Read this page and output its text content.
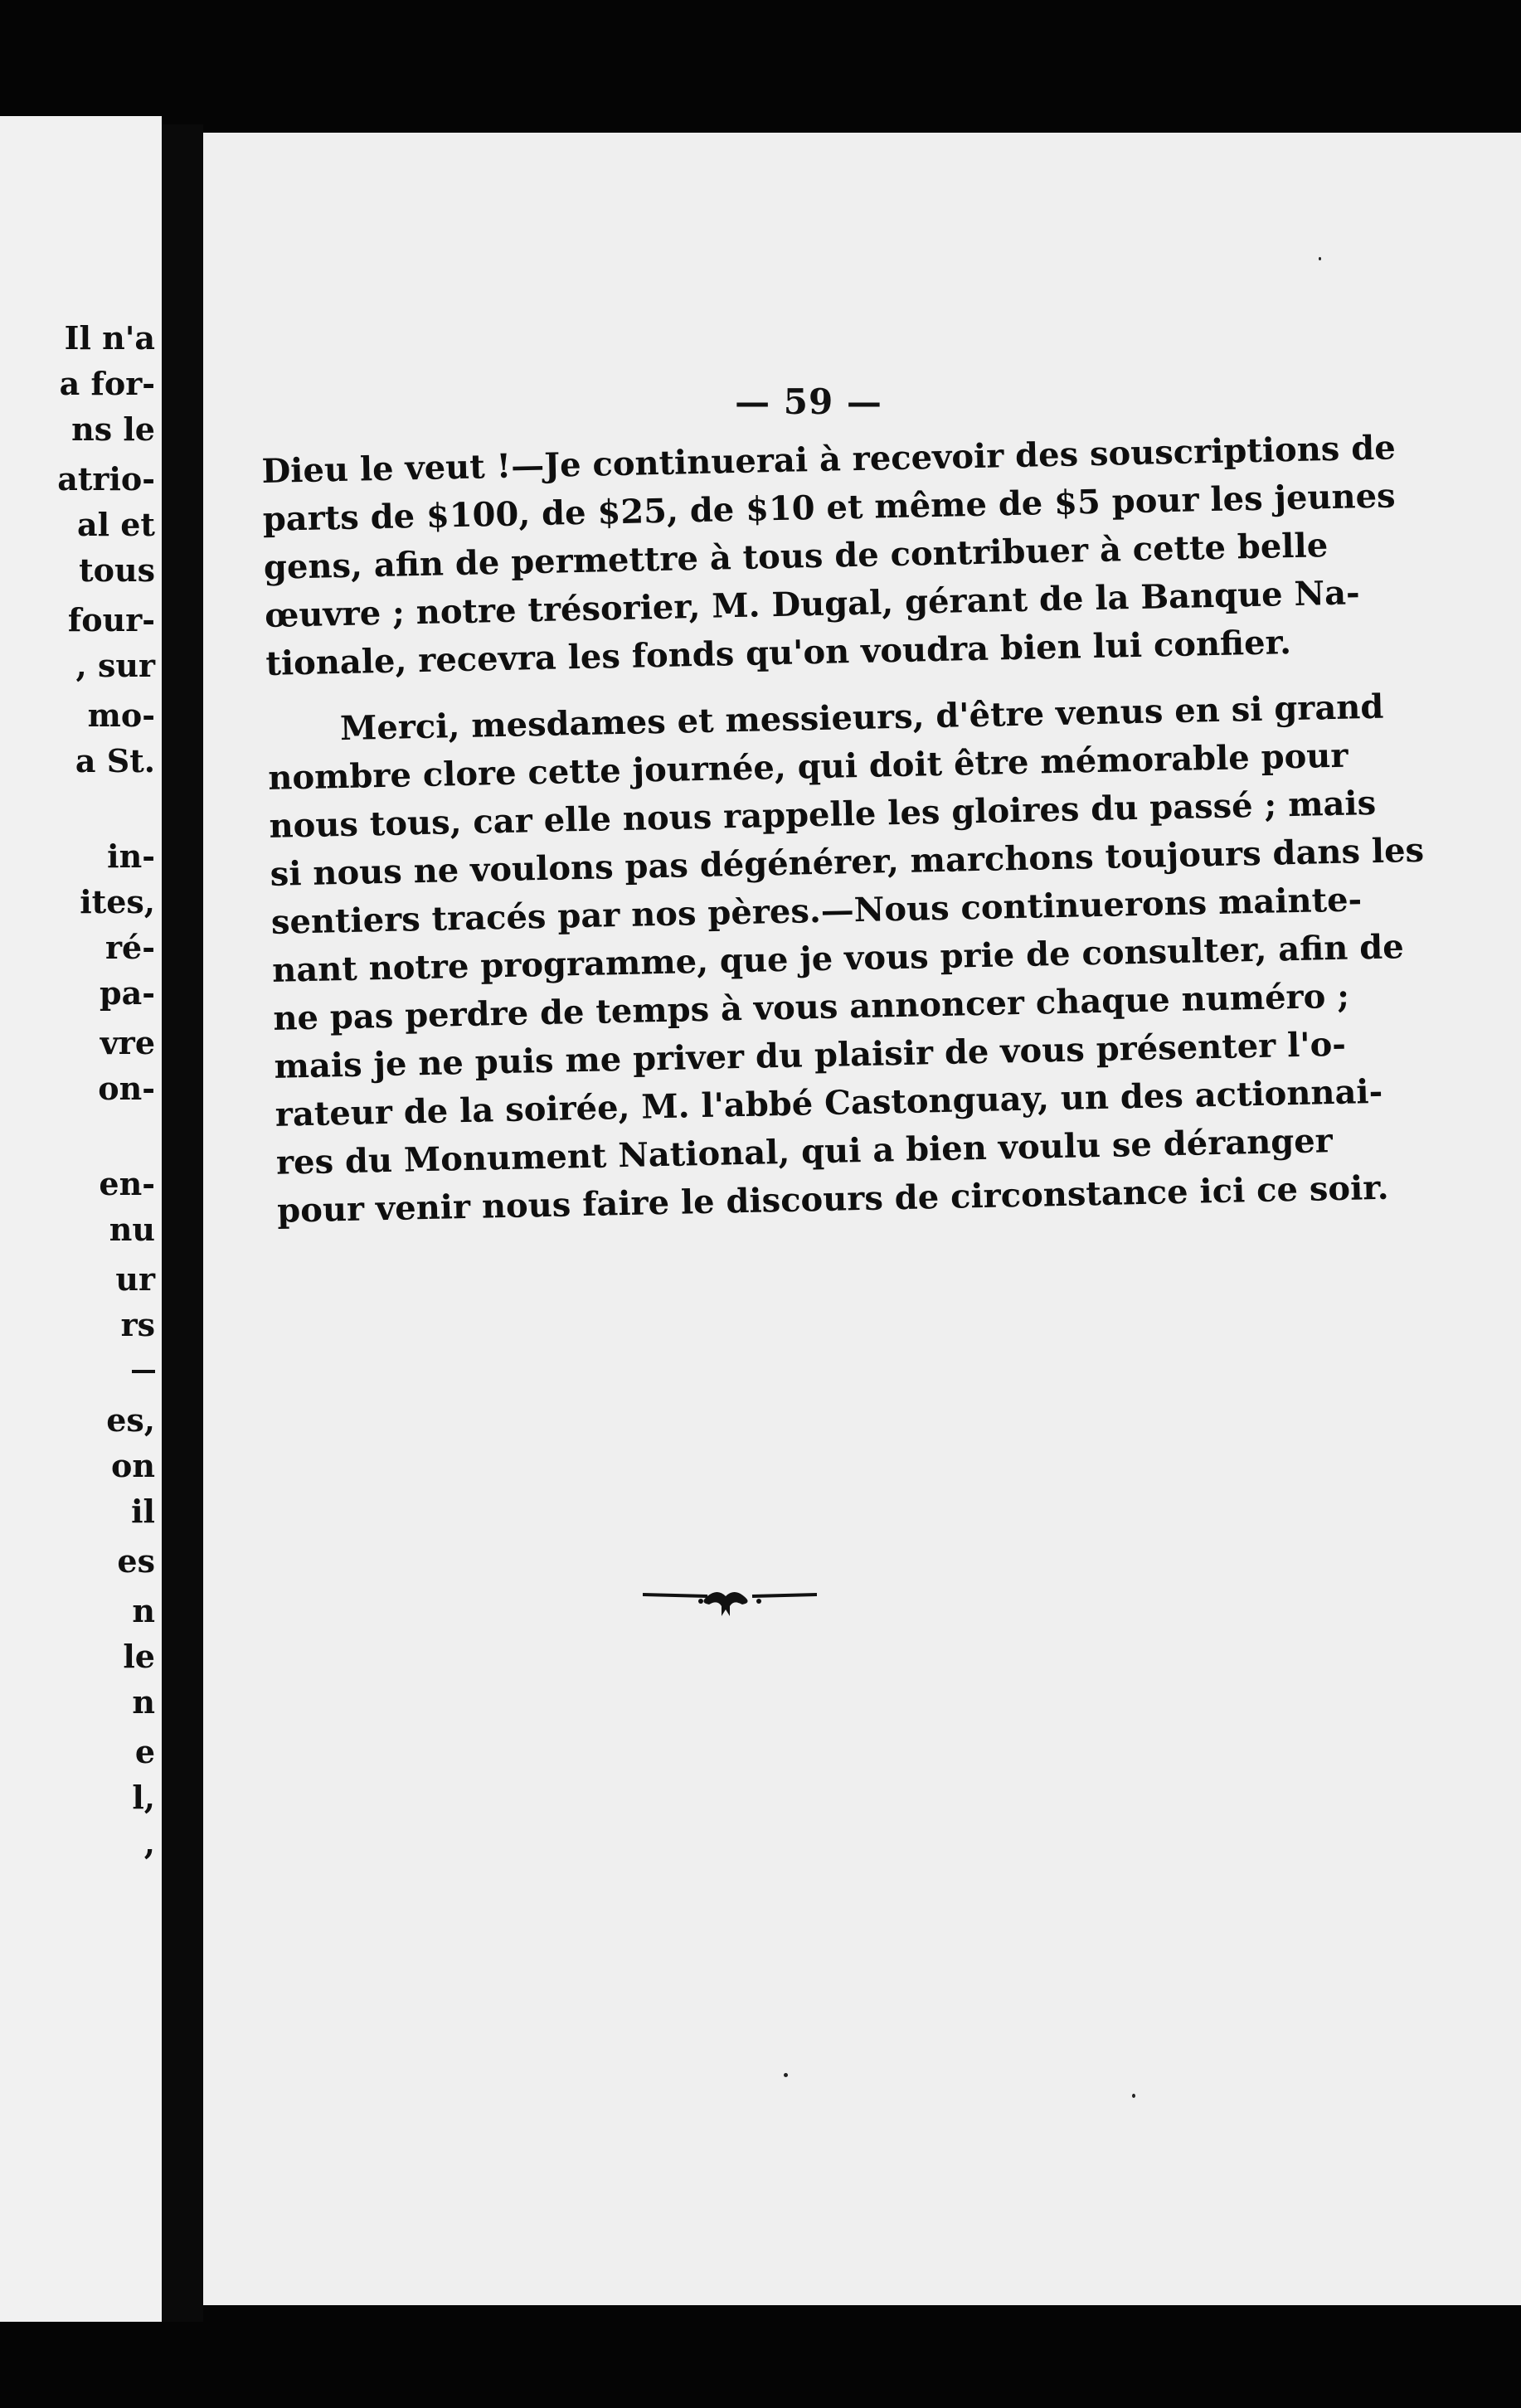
Il n'a
a for-
ns le
atrio-
al et
tous
four-
, sur
mo-
a St.
in-
ites,
ré-
pa-
vre
on-
en-
nu
ur
rs
es,
on
il
es
n
le
n
e
l,
,
— 59 —
Dieu le veut !—Je continuerai à recevoir des souscriptions de
parts de $100, de $25, de $10 et même de $5 pour les jeunes
gens, afin de permettre à tous de contribuer à cette belle
œuvre ; notre trésorier, M. Dugal, gérant de la Banque Na-
tionale, recevra les fonds qu'on voudra bien lui confier.
Merci, mesdames et messieurs, d'être venus en si grand
nombre clore cette journée, qui doit être mémorable pour
nous tous, car elle nous rappelle les gloires du passé ; mais
si nous ne voulons pas dégénérer, marchons toujours dans les
sentiers tracés par nos pères.—Nous continuerons mainte-
nant notre programme, que je vous prie de consulter, afin de
ne pas perdre de temps à vous annoncer chaque numéro ;
mais je ne puis me priver du plaisir de vous présenter l'o-
rateur de la soirée, M. l'abbé Castonguay, un des actionnai-
res du Monument National, qui a bien voulu se déranger
pour venir nous faire le discours de circonstance ici ce soir.
